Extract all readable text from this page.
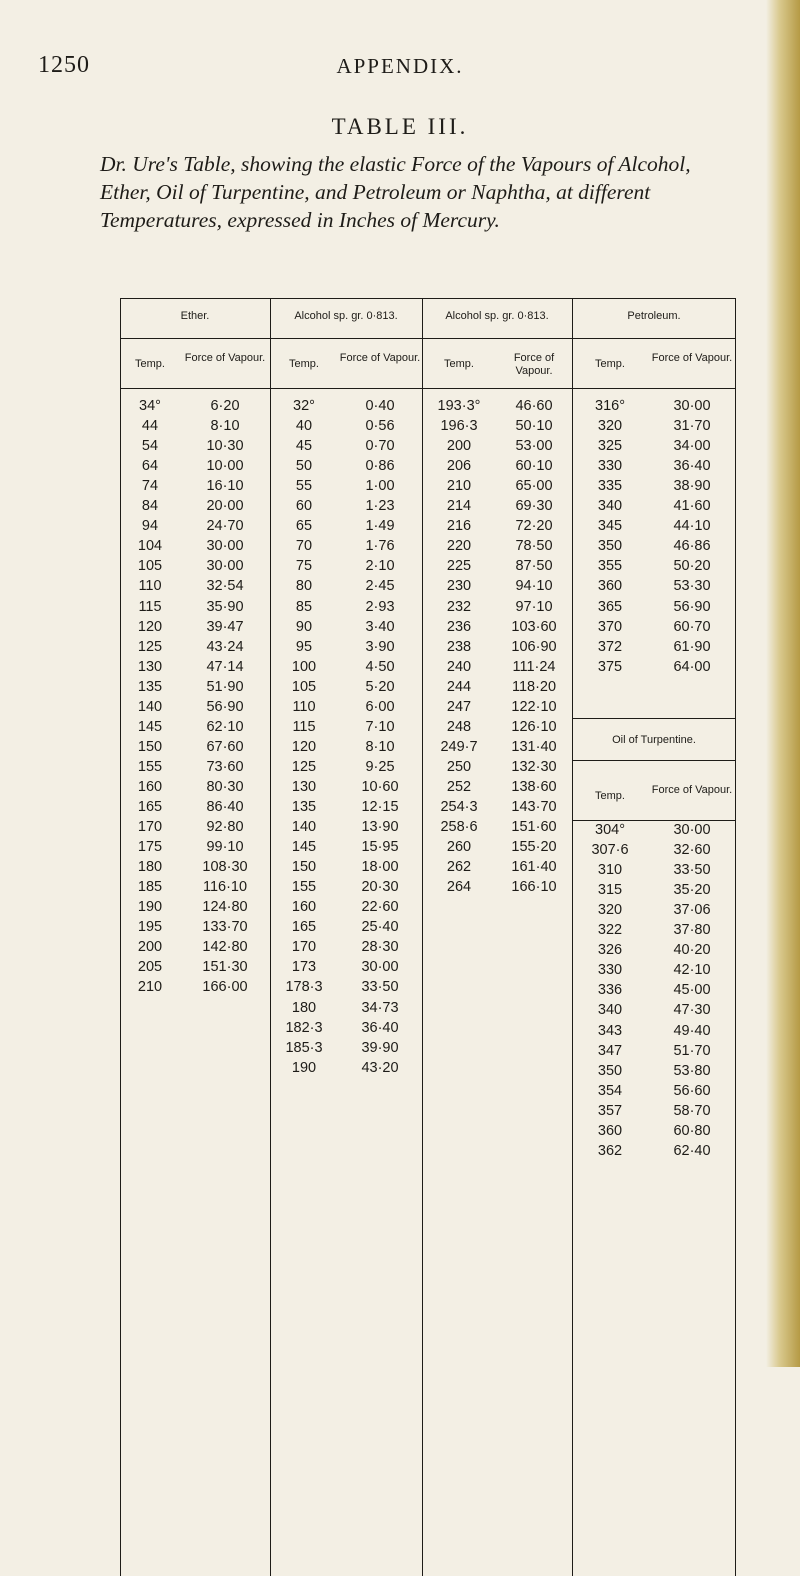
1250	APPENDIX.
TABLE III.
Dr. Ure's Table, showing the elastic Force of the Vapours of Alcohol, Ether, Oil of Turpentine, and Petroleum or Naphtha, at different Temperatures, expressed in Inches of Mercury.
Ether.
Temp.	Force of Vapour.
34°	6·20
44	8·10
54	10·30
64	10·00
74	16·10
84	20·00
94	24·70
104	30·00
105	30·00
110	32·54
115	35·90
120	39·47
125	43·24
130	47·14
135	51·90
140	56·90
145	62·10
150	67·60
155	73·60
160	80·30
165	86·40
170	92·80
175	99·10
180	108·30
185	116·10
190	124·80
195	133·70
200	142·80
205	151·30
210	166·00
Alcohol sp. gr. 0·813.
Temp.	Force of Vapour.
32°	0·40
40	0·56
45	0·70
50	0·86
55	1·00
60	1·23
65	1·49
70	1·76
75	2·10
80	2·45
85	2·93
90	3·40
95	3·90
100	4·50
105	5·20
110	6·00
115	7·10
120	8·10
125	9·25
130	10·60
135	12·15
140	13·90
145	15·95
150	18·00
155	20·30
160	22·60
165	25·40
170	28·30
173	30·00
178·3	33·50
180	34·73
182·3	36·40
185·3	39·90
190	43·20
Alcohol sp. gr. 0·813.
Temp.	Force of Vapour.
193·3°	46·60
196·3	50·10
200	53·00
206	60·10
210	65·00
214	69·30
216	72·20
220	78·50
225	87·50
230	94·10
232	97·10
236	103·60
238	106·90
240	111·24
244	118·20
247	122·10
248	126·10
249·7	131·40
250	132·30
252	138·60
254·3	143·70
258·6	151·60
260	155·20
262	161·40
264	166·10
Petroleum.
Temp.	Force of Vapour.
316°	30·00
320	31·70
325	34·00
330	36·40
335	38·90
340	41·60
345	44·10
350	46·86
355	50·20
360	53·30
365	56·90
370	60·70
372	61·90
375	64·00
Oil of Turpentine.
Temp.	Force of Vapour.
304°	30·00
307·6	32·60
310	33·50
315	35·20
320	37·06
322	37·80
326	40·20
330	42·10
336	45·00
340	47·30
343	49·40
347	51·70
350	53·80
354	56·60
357	58·70
360	60·80
362	62·40
